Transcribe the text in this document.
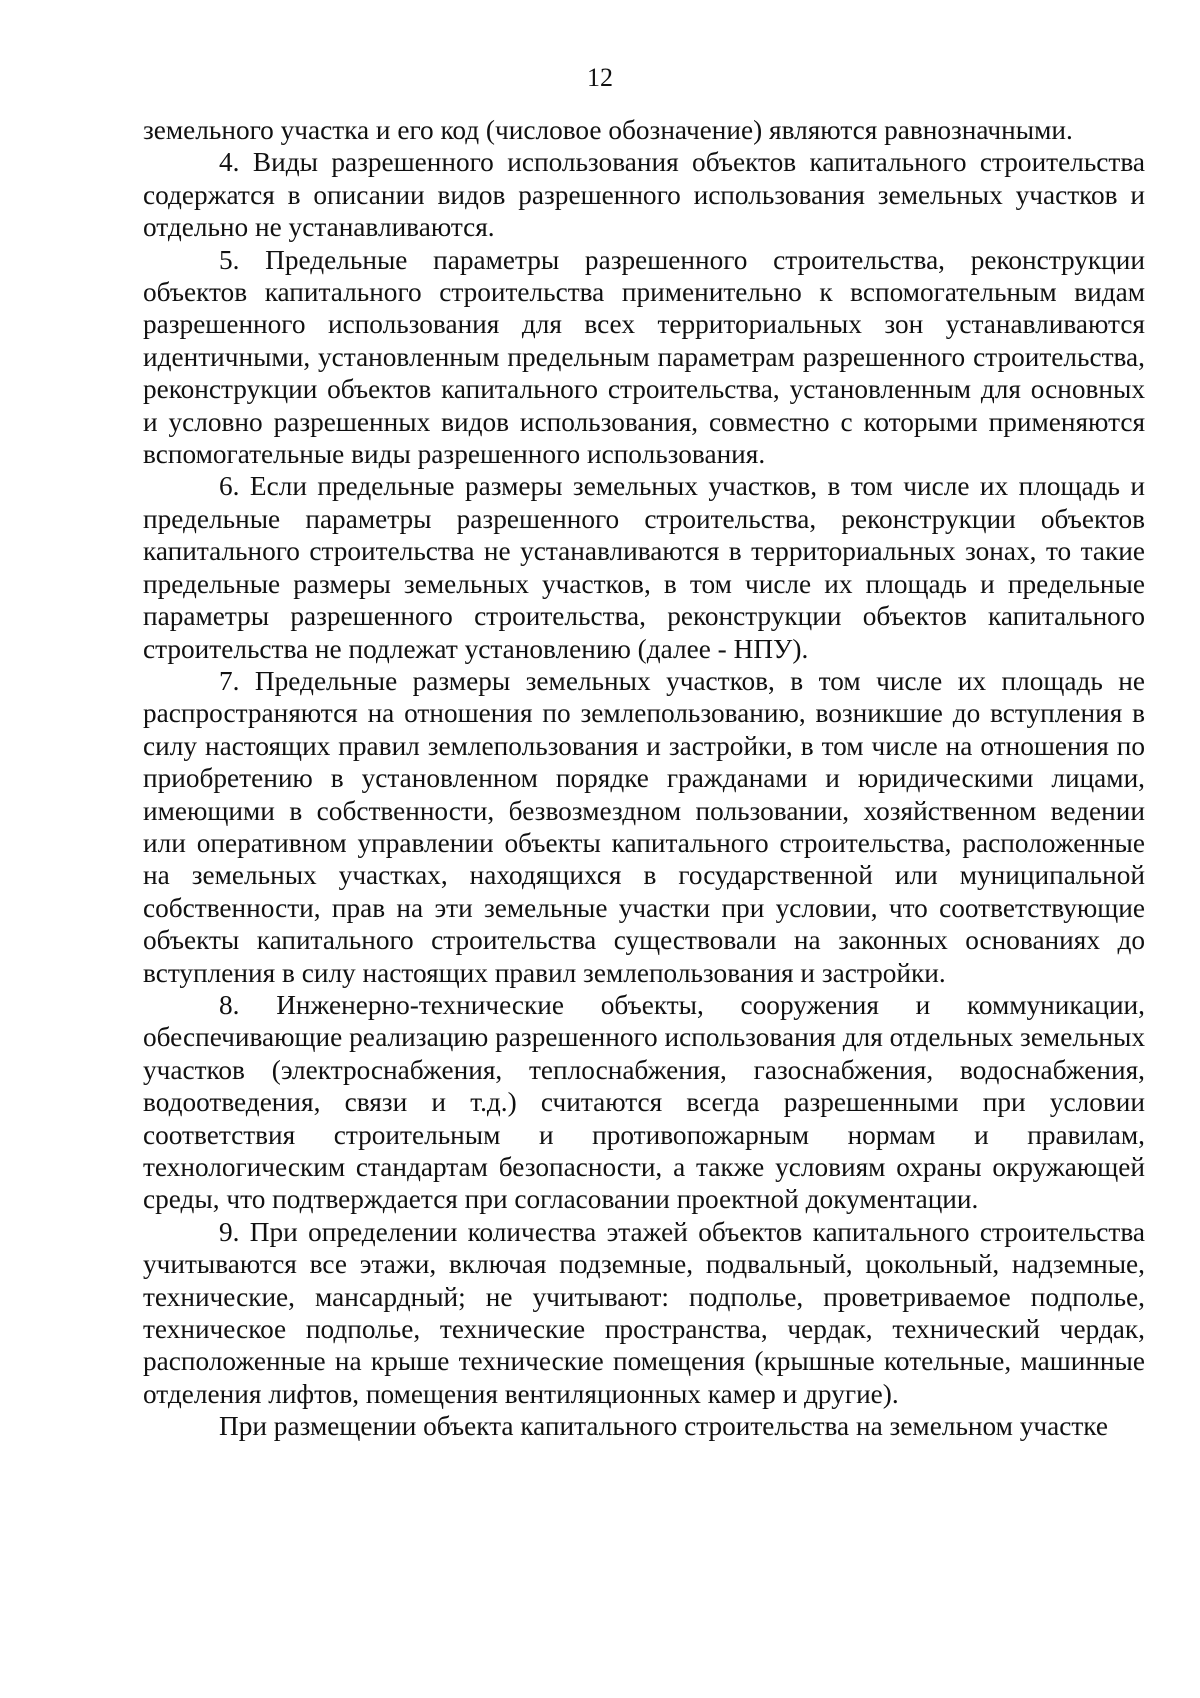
12

земельного участка и его код (числовое обозначение) являются равнозначными.

4. Виды разрешенного использования объектов капитального строительства содержатся в описании видов разрешенного использования земельных участков и отдельно не устанавливаются.

5. Предельные параметры разрешенного строительства, реконструкции объектов капитального строительства применительно к вспомогательным видам разрешенного использования для всех территориальных зон устанавливаются идентичными, установленным предельным параметрам разрешенного строительства, реконструкции объектов капитального строительства, установленным для основных и условно разрешенных видов использования, совместно с которыми применяются вспомогательные виды разрешенного использования.

6. Если предельные размеры земельных участков, в том числе их площадь и предельные параметры разрешенного строительства, реконструкции объектов капитального строительства не устанавливаются в территориальных зонах, то такие предельные размеры земельных участков, в том числе их площадь и предельные параметры разрешенного строительства, реконструкции объектов капитального строительства не подлежат установлению (далее - НПУ).

7. Предельные размеры земельных участков, в том числе их площадь не распространяются на отношения по землепользованию, возникшие до вступления в силу настоящих правил землепользования и застройки, в том числе на отношения по приобретению в установленном порядке гражданами и юридическими лицами, имеющими в собственности, безвозмездном пользовании, хозяйственном ведении или оперативном управлении объекты капитального строительства, расположенные на земельных участках, находящихся в государственной или муниципальной собственности, прав на эти земельные участки при условии, что соответствующие объекты капитального строительства существовали на законных основаниях до вступления в силу настоящих правил землепользования и застройки.

8. Инженерно-технические объекты, сооружения и коммуникации, обеспечивающие реализацию разрешенного использования для отдельных земельных участков (электроснабжения, теплоснабжения, газоснабжения, водоснабжения, водоотведения, связи и т.д.) считаются всегда разрешенными при условии соответствия строительным и противопожарным нормам и правилам, технологическим стандартам безопасности, а также условиям охраны окружающей среды, что подтверждается при согласовании проектной документации.

9. При определении количества этажей объектов капитального строительства учитываются все этажи, включая подземные, подвальный, цокольный, надземные, технические, мансардный; не учитывают: подполье, проветриваемое подполье, техническое подполье, технические пространства, чердак, технический чердак, расположенные на крыше технические помещения (крышные котельные, машинные отделения лифтов, помещения вентиляционных камер и другие).

При размещении объекта капитального строительства на земельном участке
